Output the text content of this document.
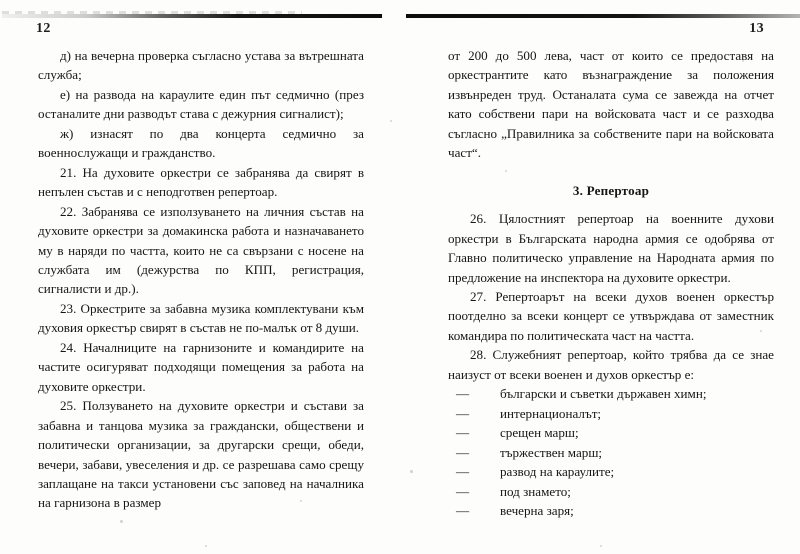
12

д) на вечерна проверка съгласно устава за вътрешната служба;

е) на развода на караулите един път седмично (през останалите дни разводът става с дежурния сигналист);

ж) изнасят по два концерта седмично за военнослужащи и гражданство.

21. На духовите оркестри се забранява да свирят в непълен състав и с неподготвен репертоар.

22. Забранява се използуването на личния състав на духовите оркестри за домакинска работа и назначаването му в наряди по частта, които не са свързани с носене на службата им (дежурства по КПП, регистрация, сигналисти и др.).

23. Оркестрите за забавна музика комплектувани към духовия оркестър свирят в състав не по-малък от 8 души.

24. Началниците на гарнизоните и командирите на частите осигуряват подходящи помещения за работа на духовите оркестри.

25. Ползуването на духовите оркестри и състави за забавна и танцова музика за граждански, обществени и политически организации, за другарски срещи, обеди, вечери, забави, увеселения и др. се разрешава само срещу заплащане на такси установени със заповед на началника на гарнизона в размер

13

от 200 до 500 лева, част от които се предоставя на оркестрантите като възнаграждение за положения извънреден труд. Останалата сума се завежда на отчет като собствени пари на войсковата част и се разходва съгласно „Правилника за собствените пари на войсковата част“.

3. Репертоар

26. Цялостният репертоар на военните духови оркестри в Българската народна армия се одобрява от Главно политическо управление на Народната армия по предложение на инспектора на духовите оркестри.

27. Репертоарът на всеки духов военен оркестър поотделно за всеки концерт се утвърждава от заместник командира по политическата част на частта.

28. Служебният репертоар, който трябва да се знае наизуст от всеки военен и духов оркестър е:

— български и съветки държавен химн;
— интернационалът;
— срещен марш;
— тържествен марш;
— развод на караулите;
— под знамето;
— вечерна заря;
